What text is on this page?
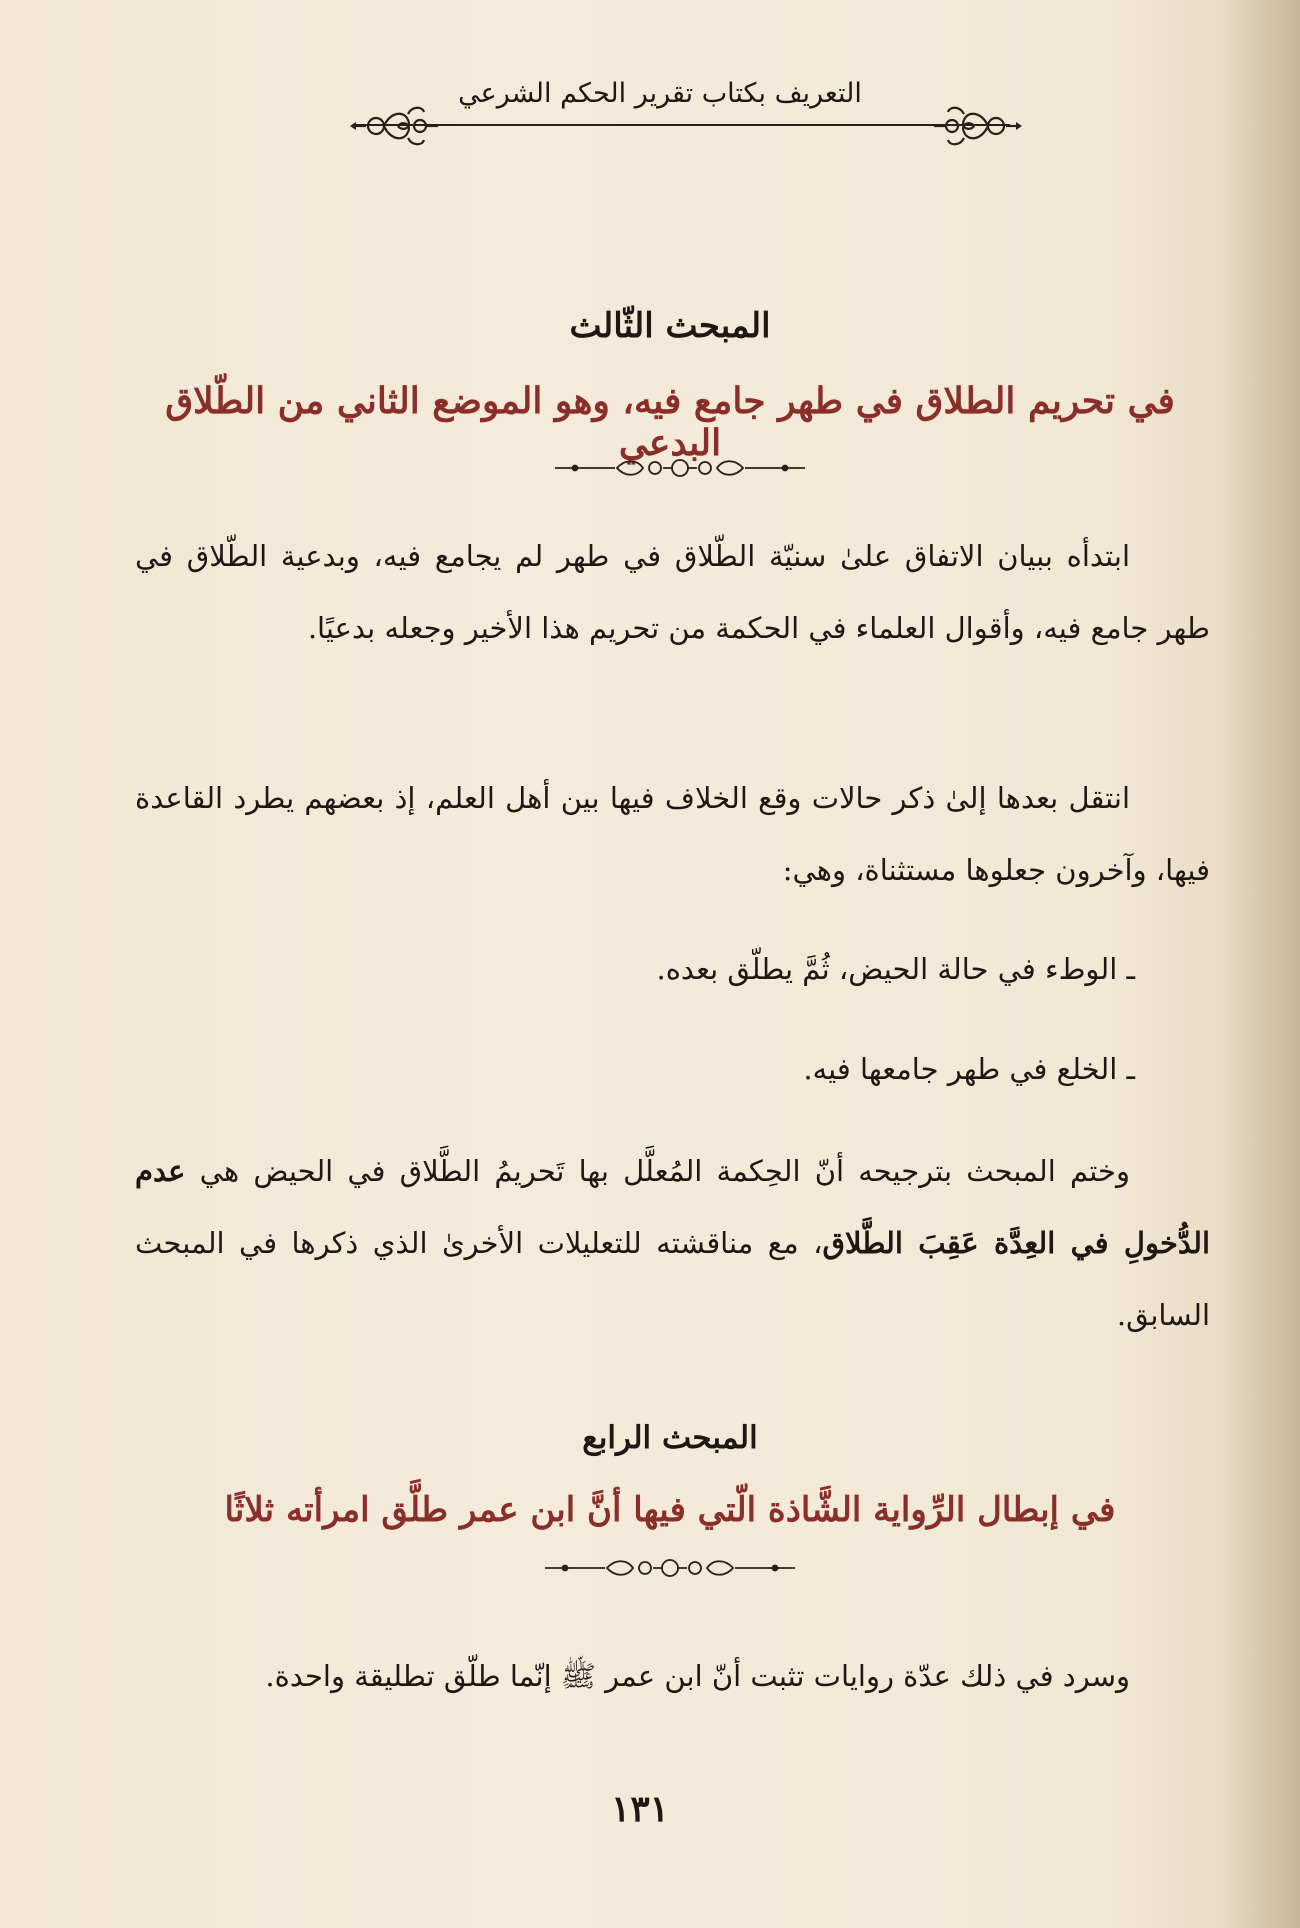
التعريف بكتاب تقرير الحكم الشرعي
المبحث الثّالث
في تحريم الطلاق في طهر جامع فيه، وهو الموضع الثاني من الطّلاق البدعي
ابتدأه ببيان الاتفاق علىٰ سنيّة الطّلاق في طهر لم يجامع فيه، وبدعية الطّلاق في طهر جامع فيه، وأقوال العلماء في الحكمة من تحريم هذا الأخير وجعله بدعيًا.
انتقل بعدها إلىٰ ذكر حالات وقع الخلاف فيها بين أهل العلم، إذ بعضهم يطرد القاعدة فيها، وآخرون جعلوها مستثناة، وهي:
ـ الوطء في حالة الحيض، ثُمَّ يطلّق بعده.
ـ الخلع في طهر جامعها فيه.
وختم المبحث بترجيحه أنّ الحِكمة المُعلَّل بها تَحريمُ الطَّلاق في الحيض هي عدم الدُّخولِ في العِدَّة عَقِبَ الطَّلاق، مع مناقشته للتعليلات الأخرىٰ الذي ذكرها في المبحث السابق.
المبحث الرابع
في إبطال الرِّواية الشَّاذة الّتي فيها أنَّ ابن عمر طلَّق امرأته ثلاثًا
وسرد في ذلك عدّة روايات تثبت أنّ ابن عمر ﷺ إنّما طلّق تطليقة واحدة.
١٣١
